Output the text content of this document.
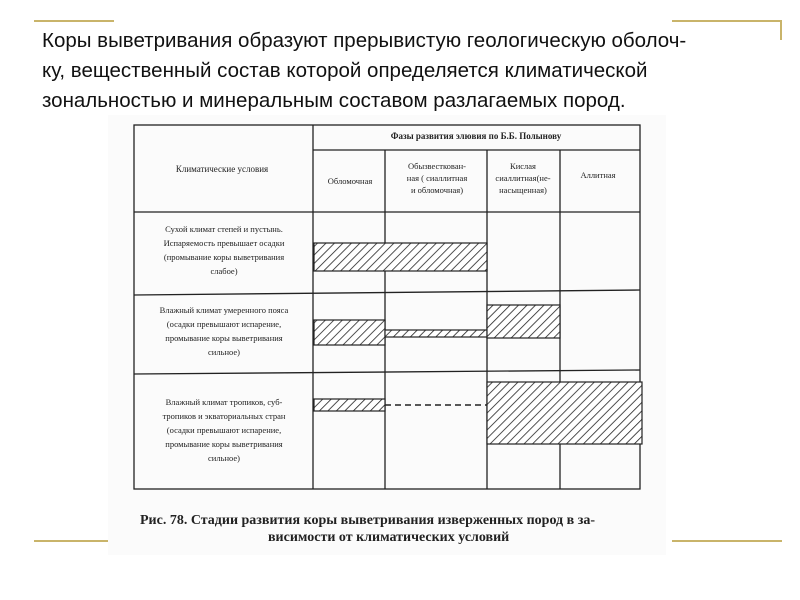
Коры выветривания образуют прерывистую геологическую оболоч-
ку, вещественный состав которой определяется климатической
зональностью и минеральным составом разлагаемых пород.
Фазы развития элювия по Б.Б. Полынову
Климатические условия
Обломочная
Обызвесткован-
ная ( сиаллитная
и обломочная)
Кислая
сиаллитная(не-
насыщенная)
Аллитная
Сухой климат степей и пустынь.
Испаряемость превышает осадки
(промывание коры выветривания
слабое)
Влажный климат умеренного пояса
(осадки превышают испарение,
промывание коры выветривания
сильное)
Влажный климат тропиков, суб-
тропиков и экваториальных стран
(осадки превышают испарение,
промывание коры выветривания
сильное)
Рис. 78. Стадии развития коры выветривания изверженных пород в за-
висимости от климатических условий
